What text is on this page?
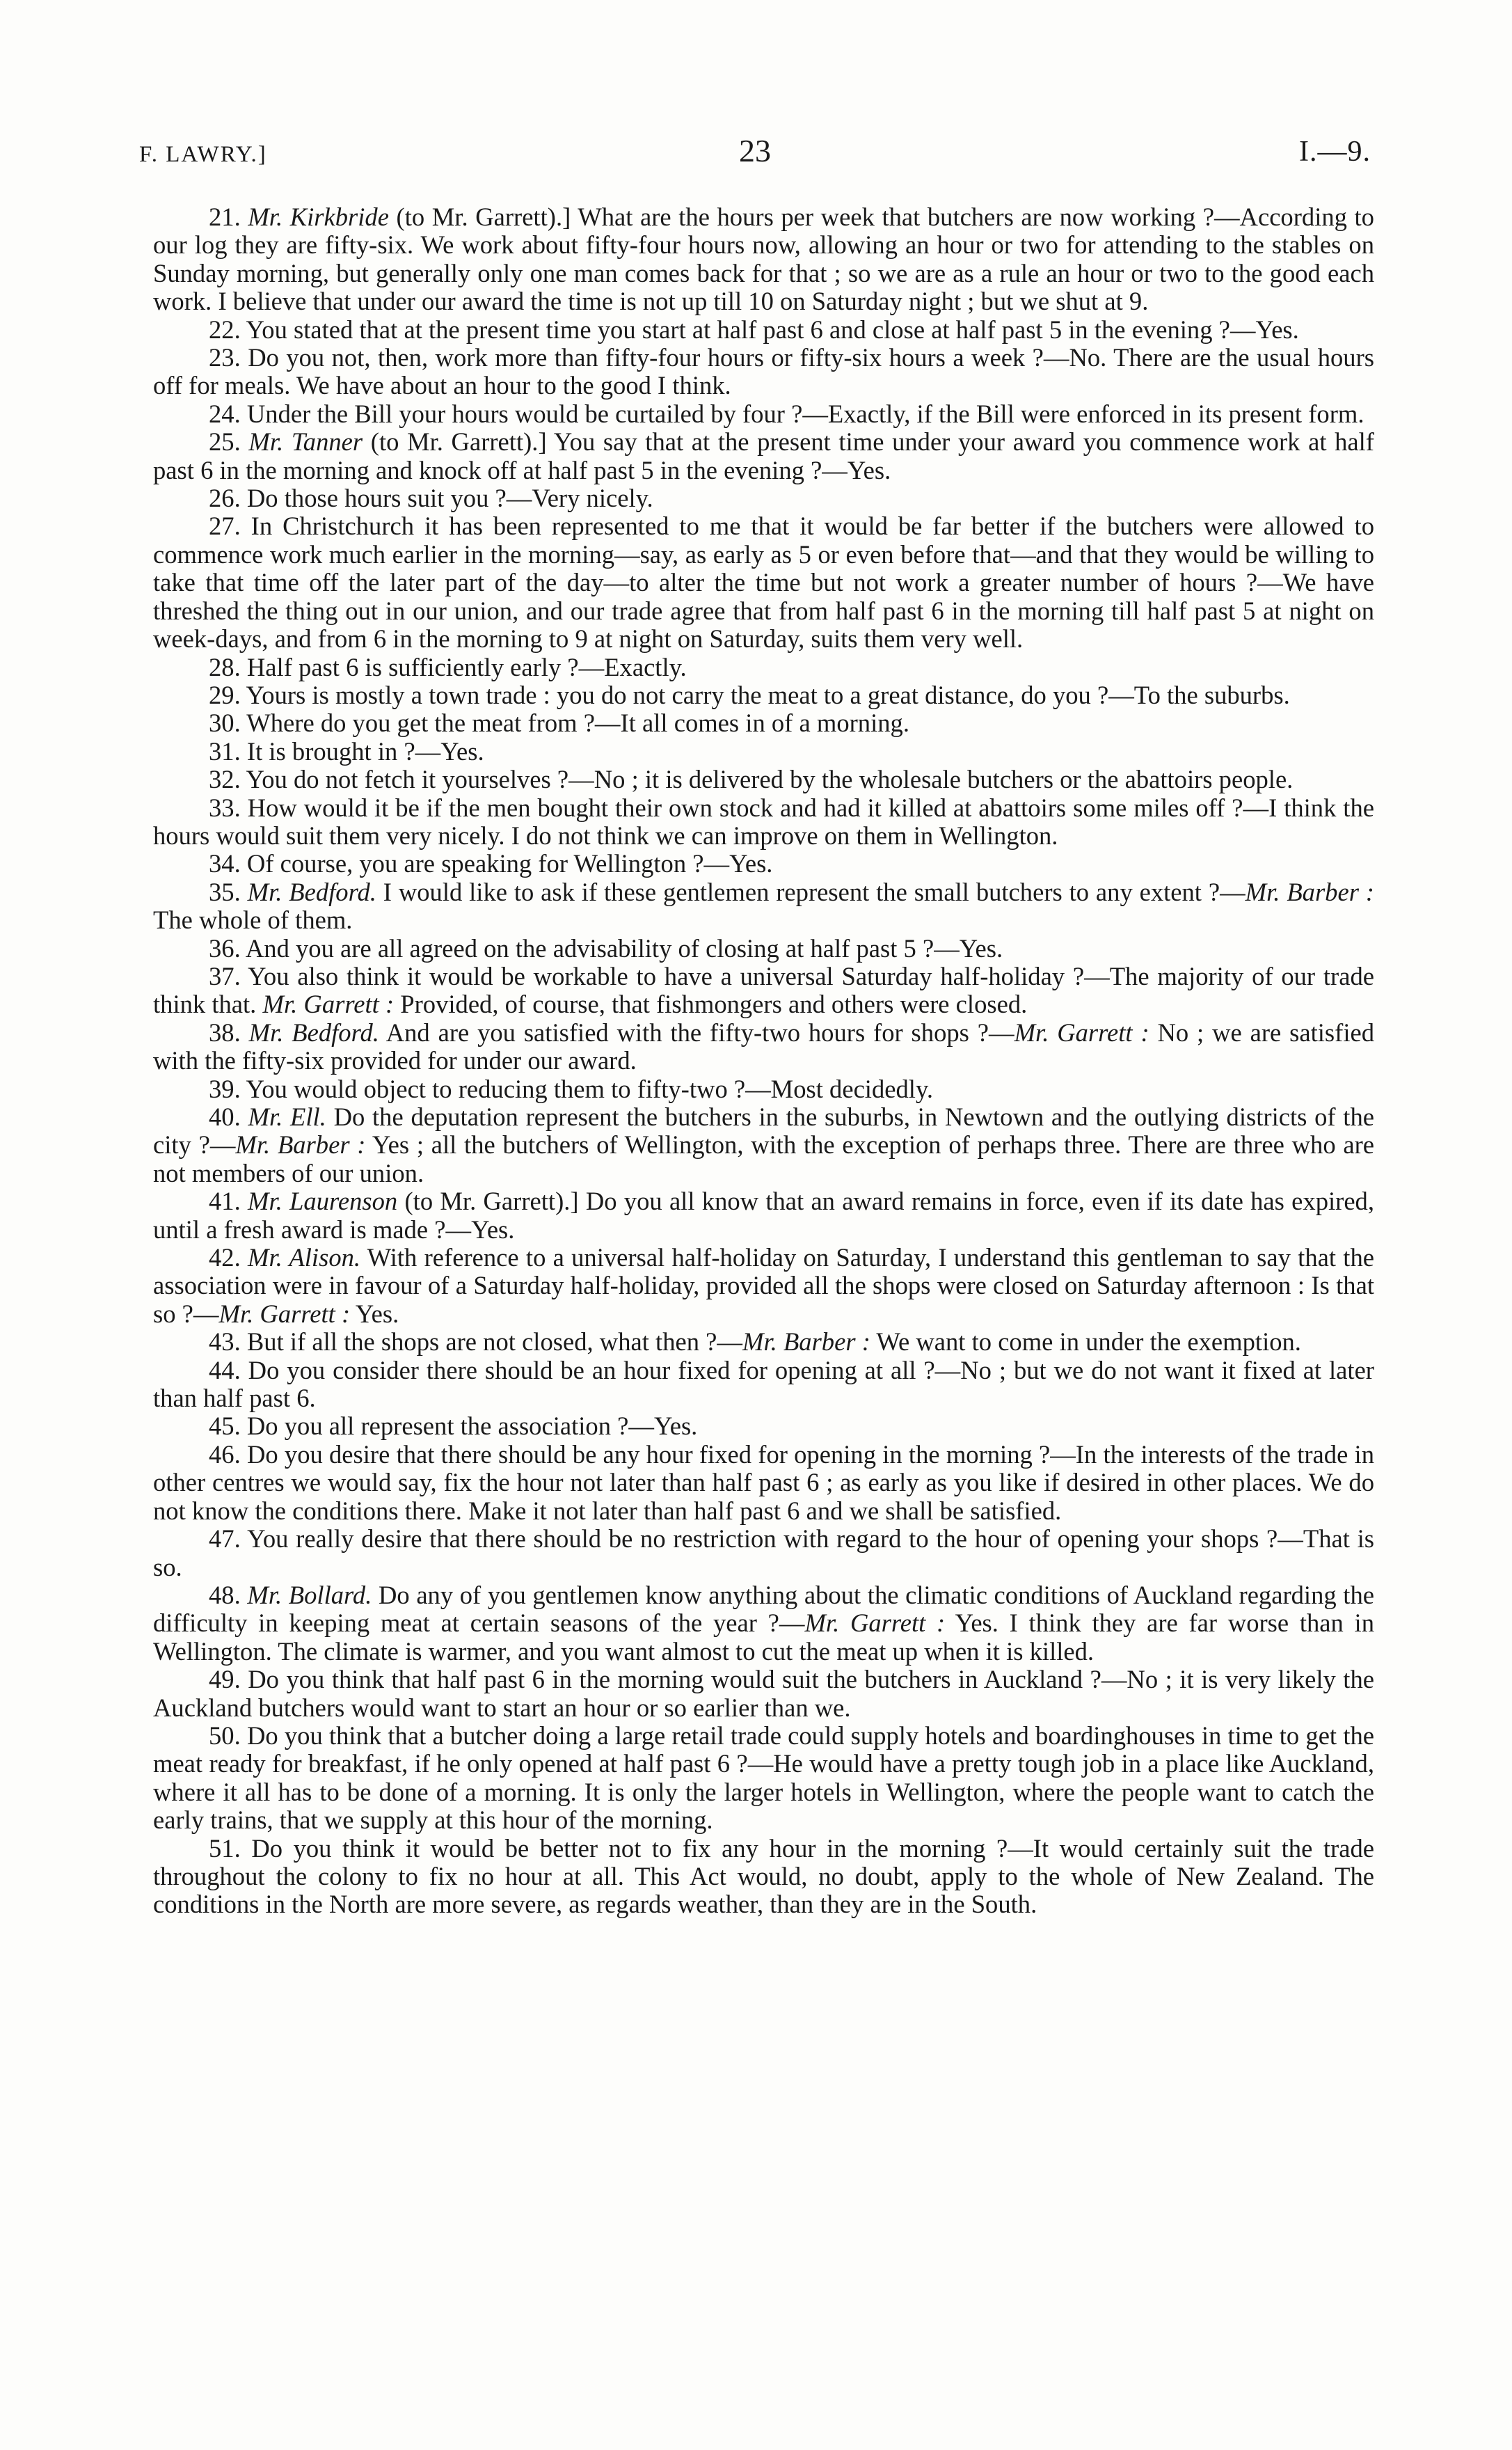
F. LAWRY.]	23	I.—9.

21. Mr. Kirkbride (to Mr. Garrett).] What are the hours per week that butchers are now working ?—According to our log they are fifty-six. We work about fifty-four hours now, allowing an hour or two for attending to the stables on Sunday morning, but generally only one man comes back for that ; so we are as a rule an hour or two to the good each work. I believe that under our award the time is not up till 10 on Saturday night ; but we shut at 9.

22. You stated that at the present time you start at half past 6 and close at half past 5 in the evening ?—Yes.

23. Do you not, then, work more than fifty-four hours or fifty-six hours a week ?—No. There are the usual hours off for meals. We have about an hour to the good I think.

24. Under the Bill your hours would be curtailed by four ?—Exactly, if the Bill were enforced in its present form.

25. Mr. Tanner (to Mr. Garrett).] You say that at the present time under your award you commence work at half past 6 in the morning and knock off at half past 5 in the evening ?—Yes.

26. Do those hours suit you ?—Very nicely.

27. In Christchurch it has been represented to me that it would be far better if the butchers were allowed to commence work much earlier in the morning—say, as early as 5 or even before that—and that they would be willing to take that time off the later part of the day—to alter the time but not work a greater number of hours ?—We have threshed the thing out in our union, and our trade agree that from half past 6 in the morning till half past 5 at night on week-days, and from 6 in the morning to 9 at night on Saturday, suits them very well.

28. Half past 6 is sufficiently early ?—Exactly.

29. Yours is mostly a town trade : you do not carry the meat to a great distance, do you ?—To the suburbs.

30. Where do you get the meat from ?—It all comes in of a morning.

31. It is brought in ?—Yes.

32. You do not fetch it yourselves ?—No ; it is delivered by the wholesale butchers or the abattoirs people.

33. How would it be if the men bought their own stock and had it killed at abattoirs some miles off ?—I think the hours would suit them very nicely. I do not think we can improve on them in Wellington.

34. Of course, you are speaking for Wellington ?—Yes.

35. Mr. Bedford. I would like to ask if these gentlemen represent the small butchers to any extent ?—Mr. Barber : The whole of them.

36. And you are all agreed on the advisability of closing at half past 5 ?—Yes.

37. You also think it would be workable to have a universal Saturday half-holiday ?—The majority of our trade think that. Mr. Garrett : Provided, of course, that fishmongers and others were closed.

38. Mr. Bedford. And are you satisfied with the fifty-two hours for shops ?—Mr. Garrett : No ; we are satisfied with the fifty-six provided for under our award.

39. You would object to reducing them to fifty-two ?—Most decidedly.

40. Mr. Ell. Do the deputation represent the butchers in the suburbs, in Newtown and the outlying districts of the city ?—Mr. Barber : Yes ; all the butchers of Wellington, with the exception of perhaps three. There are three who are not members of our union.

41. Mr. Laurenson (to Mr. Garrett).] Do you all know that an award remains in force, even if its date has expired, until a fresh award is made ?—Yes.

42. Mr. Alison. With reference to a universal half-holiday on Saturday, I understand this gentleman to say that the association were in favour of a Saturday half-holiday, provided all the shops were closed on Saturday afternoon : Is that so ?—Mr. Garrett : Yes.

43. But if all the shops are not closed, what then ?—Mr. Barber : We want to come in under the exemption.

44. Do you consider there should be an hour fixed for opening at all ?—No ; but we do not want it fixed at later than half past 6.

45. Do you all represent the association ?—Yes.

46. Do you desire that there should be any hour fixed for opening in the morning ?—In the interests of the trade in other centres we would say, fix the hour not later than half past 6 ; as early as you like if desired in other places. We do not know the conditions there. Make it not later than half past 6 and we shall be satisfied.

47. You really desire that there should be no restriction with regard to the hour of opening your shops ?—That is so.

48. Mr. Bollard. Do any of you gentlemen know anything about the climatic conditions of Auckland regarding the difficulty in keeping meat at certain seasons of the year ?—Mr. Garrett : Yes. I think they are far worse than in Wellington. The climate is warmer, and you want almost to cut the meat up when it is killed.

49. Do you think that half past 6 in the morning would suit the butchers in Auckland ?—No ; it is very likely the Auckland butchers would want to start an hour or so earlier than we.

50. Do you think that a butcher doing a large retail trade could supply hotels and boardinghouses in time to get the meat ready for breakfast, if he only opened at half past 6 ?—He would have a pretty tough job in a place like Auckland, where it all has to be done of a morning. It is only the larger hotels in Wellington, where the people want to catch the early trains, that we supply at this hour of the morning.

51. Do you think it would be better not to fix any hour in the morning ?—It would certainly suit the trade throughout the colony to fix no hour at all. This Act would, no doubt, apply to the whole of New Zealand. The conditions in the North are more severe, as regards weather, than they are in the South.
